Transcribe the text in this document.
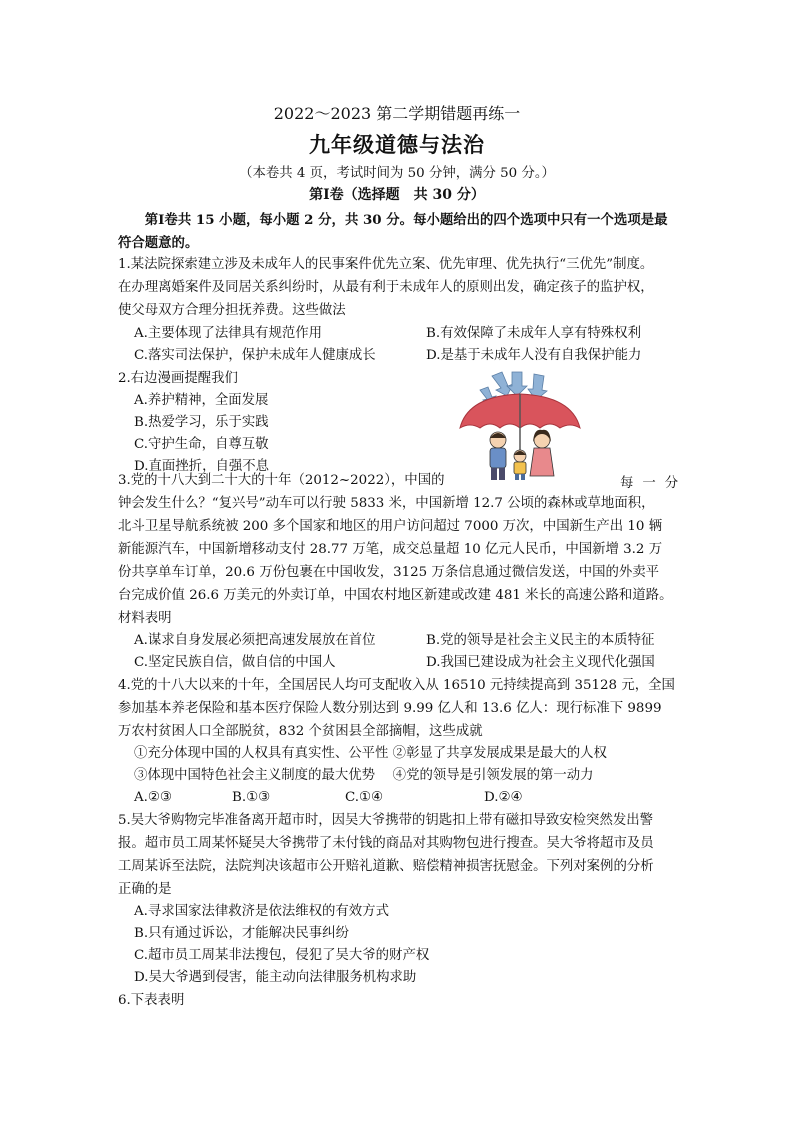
2022～2023 第二学期错题再练一
九年级道德与法治
（本卷共 4 页，考试时间为 50 分钟，满分 50 分。）
第Ⅰ卷（选择题　共 30 分）
　　第Ⅰ卷共 15 小题，每小题 2 分，共 30 分。每小题给出的四个选项中只有一个选项是最
符合题意的。
1.某法院探索建立涉及未成年人的民事案件优先立案、优先审理、优先执行“三优先”制度。
在办理离婚案件及同居关系纠纷时，从最有利于未成年人的原则出发，确定孩子的监护权，
使父母双方合理分担抚养费。这些做法
A.主要体现了法律具有规范作用	B.有效保障了未成年人享有特殊权利
C.落实司法保护，保护未成年人健康成长	D.是基于未成年人没有自我保护能力
2.右边漫画提醒我们
A.养护精神，全面发展
B.热爱学习，乐于实践
C.守护生命，自尊互敬
D.直面挫折，自强不息
3.党的十八大到二十大的十年（2012~2022），中国的	每一分
钟会发生什么？“复兴号”动车可以行驶 5833 米，中国新增 12.7 公顷的森林或草地面积，
北斗卫星导航系统被 200 多个国家和地区的用户访问超过 7000 万次，中国新生产出 10 辆
新能源汽车，中国新增移动支付 28.77 万笔，成交总量超 10 亿元人民币，中国新增 3.2 万
份共享单车订单，20.6 万份包裹在中国收发，3125 万条信息通过微信发送，中国的外卖平
台完成价值 26.6 万美元的外卖订单，中国农村地区新建或改建 481 米长的高速公路和道路。
材料表明
A.谋求自身发展必须把高速发展放在首位	B.党的领导是社会主义民主的本质特征
C.坚定民族自信，做自信的中国人	D.我国已建设成为社会主义现代化强国
4.党的十八大以来的十年，全国居民人均可支配收入从 16510 元持续提高到 35128 元，全国
参加基本养老保险和基本医疗保险人数分别达到 9.99 亿人和 13.6 亿人：现行标准下 9899
万农村贫困人口全部脱贫，832 个贫困县全部摘帽，这些成就
①充分体现中国的人权具有真实性、公平性 ②彰显了共享发展成果是最大的人权
③体现中国特色社会主义制度的最大优势　 ④党的领导是引领发展的第一动力
A.②③	B.①③	C.①④	D.②④
5.吴大爷购物完毕准备离开超市时，因吴大爷携带的钥匙扣上带有磁扣导致安检突然发出警
报。超市员工周某怀疑吴大爷携带了未付钱的商品对其购物包进行搜查。吴大爷将超市及员
工周某诉至法院，法院判决该超市公开赔礼道歉、赔偿精神损害抚慰金。下列对案例的分析
正确的是
A.寻求国家法律救济是依法维权的有效方式
B.只有通过诉讼，才能解决民事纠纷
C.超市员工周某非法搜包，侵犯了吴大爷的财产权
D.吴大爷遇到侵害，能主动向法律服务机构求助
6.下表表明
